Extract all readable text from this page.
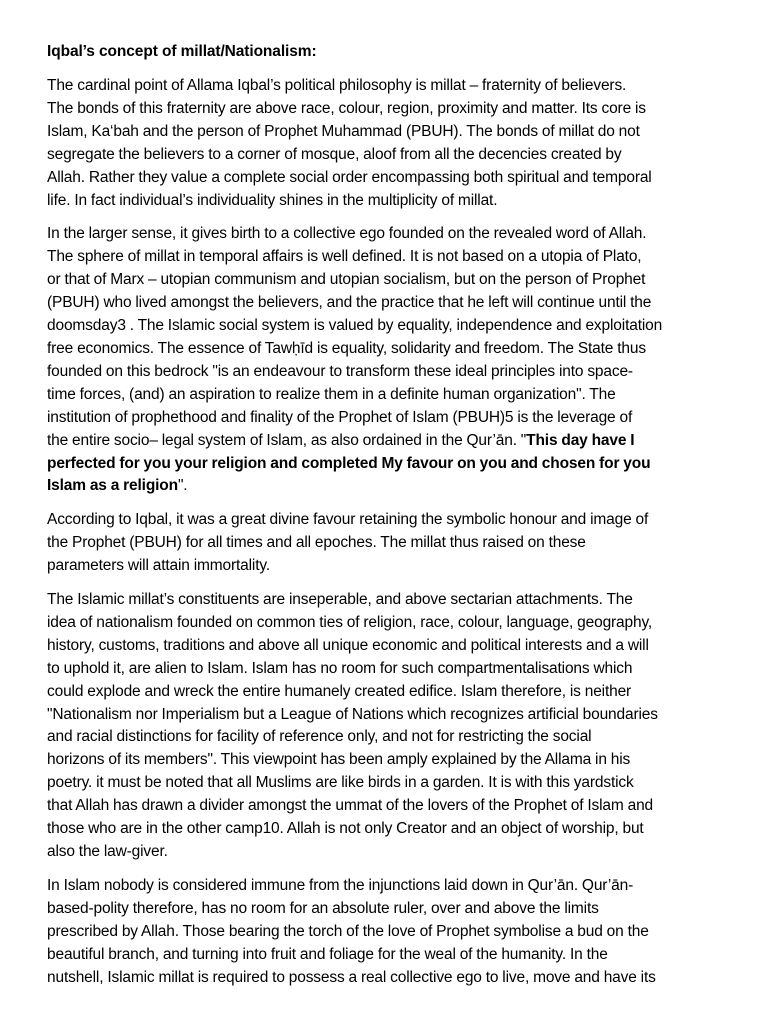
Iqbal’s concept of millat/Nationalism:
The cardinal point of Allama Iqbal’s political philosophy is millat – fraternity of believers.
The bonds of this fraternity are above race, colour, region, proximity and matter. Its core is
Islam, Ka‘bah and the person of Prophet Muhammad (PBUH). The bonds of millat do not
segregate the believers to a corner of mosque, aloof from all the decencies created by
Allah. Rather they value a complete social order encompassing both spiritual and temporal
life. In fact individual’s individuality shines in the multiplicity of millat.
In the larger sense, it gives birth to a collective ego founded on the revealed word of Allah.
The sphere of millat in temporal affairs is well defined. It is not based on a utopia of Plato,
or that of Marx – utopian communism and utopian socialism, but on the person of Prophet
(PBUH) who lived amongst the believers, and the practice that he left will continue until the
doomsday3 . The Islamic social system is valued by equality, independence and exploitation
free economics. The essence of Tawḥīd is equality, solidarity and freedom. The State thus
founded on this bedrock "is an endeavour to transform these ideal principles into space-
time forces, (and) an aspiration to realize them in a definite human organization". The
institution of prophethood and finality of the Prophet of Islam (PBUH)5 is the leverage of
the entire socio– legal system of Islam, as also ordained in the Qur’ān. "This day have I
perfected for you your religion and completed My favour on you and chosen for you
Islam as a religion".
According to Iqbal, it was a great divine favour retaining the symbolic honour and image of
the Prophet (PBUH) for all times and all epoches. The millat thus raised on these
parameters will attain immortality.
The Islamic millat’s constituents are inseperable, and above sectarian attachments. The
idea of nationalism founded on common ties of religion, race, colour, language, geography,
history, customs, traditions and above all unique economic and political interests and a will
to uphold it, are alien to Islam. Islam has no room for such compartmentalisations which
could explode and wreck the entire humanely created edifice. Islam therefore, is neither
"Nationalism nor Imperialism but a League of Nations which recognizes artificial boundaries
and racial distinctions for facility of reference only, and not for restricting the social
horizons of its members". This viewpoint has been amply explained by the Allama in his
poetry. it must be noted that all Muslims are like birds in a garden. It is with this yardstick
that Allah has drawn a divider amongst the ummat of the lovers of the Prophet of Islam and
those who are in the other camp10. Allah is not only Creator and an object of worship, but
also the law-giver.
In Islam nobody is considered immune from the injunctions laid down in Qur’ān. Qur’ān-
based-polity therefore, has no room for an absolute ruler, over and above the limits
prescribed by Allah. Those bearing the torch of the love of Prophet symbolise a bud on the
beautiful branch, and turning into fruit and foliage for the weal of the humanity. In the
nutshell, Islamic millat is required to possess a real collective ego to live, move and have its
